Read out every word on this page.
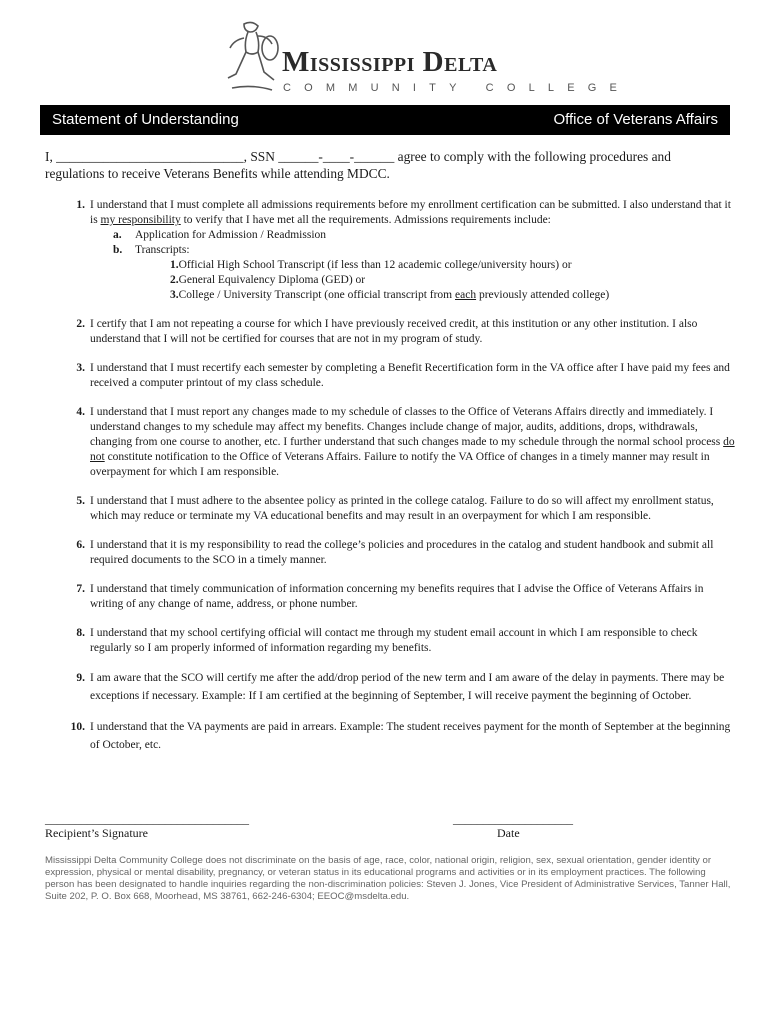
Mississippi Delta
COMMUNITY COLLEGE
Statement of Understanding	Office of Veterans Affairs
I, ____________________________, SSN ______-____-______ agree to comply with the following procedures and regulations to receive Veterans Benefits while attending MDCC.
1. I understand that I must complete all admissions requirements before my enrollment certification can be submitted. I also understand that it is my responsibility to verify that I have met all the requirements. Admissions requirements include:
a. Application for Admission / Readmission
b. Transcripts:
1.Official High School Transcript (if less than 12 academic college/university hours) or
2.General Equivalency Diploma (GED) or
3.College / University Transcript (one official transcript from each previously attended college)
2. I certify that I am not repeating a course for which I have previously received credit, at this institution or any other institution. I also understand that I will not be certified for courses that are not in my program of study.
3. I understand that I must recertify each semester by completing a Benefit Recertification form in the VA office after I have paid my fees and received a computer printout of my class schedule.
4. I understand that I must report any changes made to my schedule of classes to the Office of Veterans Affairs directly and immediately. I understand changes to my schedule may affect my benefits. Changes include change of major, audits, additions, drops, withdrawals, changing from one course to another, etc. I further understand that such changes made to my schedule through the normal school process do not constitute notification to the Office of Veterans Affairs. Failure to notify the VA Office of changes in a timely manner may result in overpayment for which I am responsible.
5. I understand that I must adhere to the absentee policy as printed in the college catalog. Failure to do so will affect my enrollment status, which may reduce or terminate my VA educational benefits and may result in an overpayment for which I am responsible.
6. I understand that it is my responsibility to read the college’s policies and procedures in the catalog and student handbook and submit all required documents to the SCO in a timely manner.
7. I understand that timely communication of information concerning my benefits requires that I advise the Office of Veterans Affairs in writing of any change of name, address, or phone number.
8. I understand that my school certifying official will contact me through my student email account in which I am responsible to check regularly so I am properly informed of information regarding my benefits.
9. I am aware that the SCO will certify me after the add/drop period of the new term and I am aware of the delay in payments. There may be exceptions if necessary. Example: If I am certified at the beginning of September, I will receive payment the beginning of October.
10. I understand that the VA payments are paid in arrears. Example: The student receives payment for the month of September at the beginning of October, etc.
__________________________________
Recipient’s Signature
____________________
Date
Mississippi Delta Community College does not discriminate on the basis of age, race, color, national origin, religion, sex, sexual orientation, gender identity or expression, physical or mental disability, pregnancy, or veteran status in its educational programs and activities or in its employment practices. The following person has been designated to handle inquiries regarding the non-discrimination policies: Steven J. Jones, Vice President of Administrative Services, Tanner Hall, Suite 202, P. O. Box 668, Moorhead, MS 38761, 662-246-6304; EEOC@msdelta.edu.
